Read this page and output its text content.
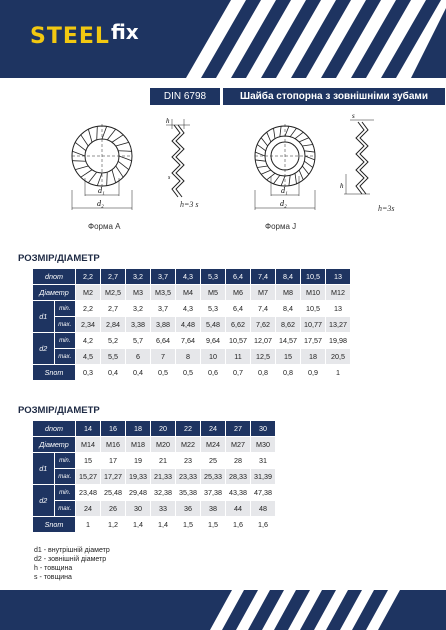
STEEL fix
DIN 6798	Шайба стопорна з зовнішніми зубами
d₁
d₂
Форма А
h
s
h=3 s
d₁
d₂
Форма J
s
h
h=3s
РОЗМІР/ДІАМЕТР
dnom		2,2	2,7	3,2	3,7	4,3	5,3	6,4	7,4	8,4	10,5	13
Діаметр		M2	M2,5	M3	M3,5	M4	M5	M6	M7	M8	M10	M12
d1	min.	2,2	2,7	3,2	3,7	4,3	5,3	6,4	7,4	8,4	10,5	13
	max.	2,34	2,84	3,38	3,88	4,48	5,48	6,62	7,62	8,62	10,77	13,27
d2	min.	4,2	5,2	5,7	6,64	7,64	9,64	10,57	12,07	14,57	17,57	19,98
	max.	4,5	5,5	6	7	8	10	11	12,5	15	18	20,5
Snom		0,3	0,4	0,4	0,5	0,5	0,6	0,7	0,8	0,8	0,9	1
РОЗМІР/ДІАМЕТР
dnom		14	16	18	20	22	24	27	30
Діаметр		M14	M16	M18	M20	M22	M24	M27	M30
d1	min.	15	17	19	21	23	25	28	31
	max.	15,27	17,27	19,33	21,33	23,33	25,33	28,33	31,39
d2	min.	23,48	25,48	29,48	32,38	35,38	37,38	43,38	47,38
	max.	24	26	30	33	36	38	44	48
Snom		1	1,2	1,4	1,4	1,5	1,5	1,6	1,6
d1 - внутрішній діаметр
d2 - зовнішній діаметр
h - товщина
s - товщина
